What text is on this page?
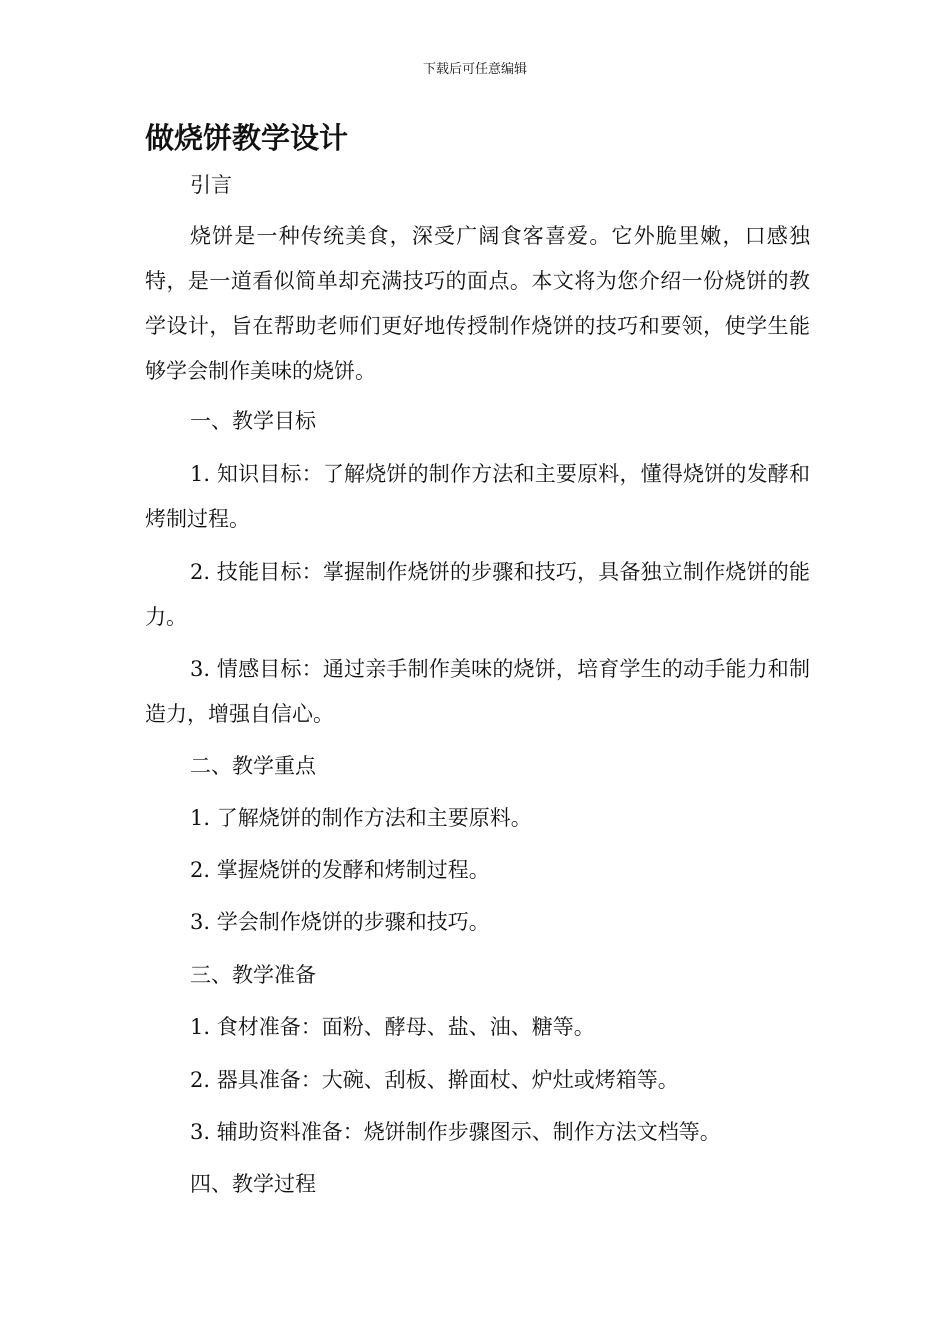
下载后可任意编辑
做烧饼教学设计
引言

烧饼是一种传统美食，深受广阔食客喜爱。它外脆里嫩，口感独特，是一道看似简单却充满技巧的面点。本文将为您介绍一份烧饼的教学设计，旨在帮助老师们更好地传授制作烧饼的技巧和要领，使学生能够学会制作美味的烧饼。

一、教学目标

1. 知识目标：了解烧饼的制作方法和主要原料，懂得烧饼的发酵和烤制过程。

2. 技能目标：掌握制作烧饼的步骤和技巧，具备独立制作烧饼的能力。

3. 情感目标：通过亲手制作美味的烧饼，培育学生的动手能力和制造力，增强自信心。

二、教学重点
1. 了解烧饼的制作方法和主要原料。
2. 掌握烧饼的发酵和烤制过程。
3. 学会制作烧饼的步骤和技巧。
三、教学准备
1. 食材准备：面粉、酵母、盐、油、糖等。
2. 器具准备：大碗、刮板、擀面杖、炉灶或烤箱等。
3. 辅助资料准备：烧饼制作步骤图示、制作方法文档等。
四、教学过程
